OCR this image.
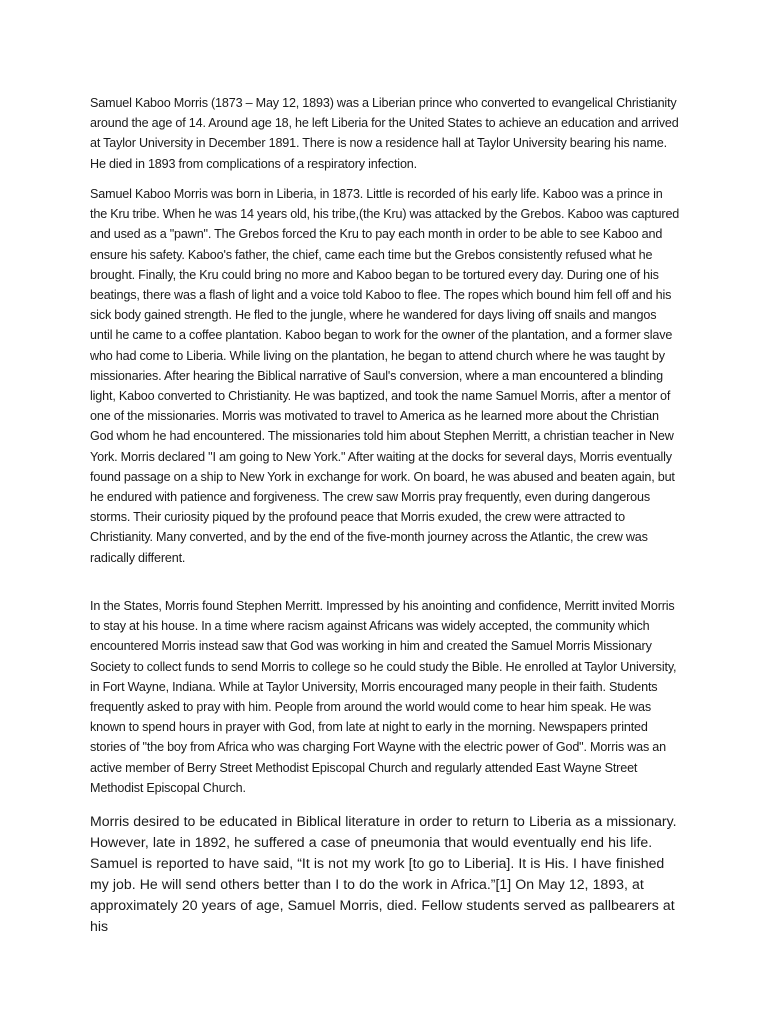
Samuel Kaboo Morris (1873 – May 12, 1893) was a Liberian prince who converted to evangelical Christianity around the age of 14. Around age 18, he left Liberia for the United States to achieve an education and arrived at Taylor University in December 1891. There is now a residence hall at Taylor University bearing his name. He died in 1893 from complications of a respiratory infection.

Samuel Kaboo Morris was born in Liberia, in 1873. Little is recorded of his early life. Kaboo was a prince in the Kru tribe. When he was 14 years old, his tribe,(the Kru) was attacked by the Grebos. Kaboo was captured and used as a "pawn". The Grebos forced the Kru to pay each month in order to be able to see Kaboo and ensure his safety. Kaboo's father, the chief, came each time but the Grebos consistently refused what he brought. Finally, the Kru could bring no more and Kaboo began to be tortured every day. During one of his beatings, there was a flash of light and a voice told Kaboo to flee. The ropes which bound him fell off and his sick body gained strength. He fled to the jungle, where he wandered for days living off snails and mangos until he came to a coffee plantation. Kaboo began to work for the owner of the plantation, and a former slave who had come to Liberia. While living on the plantation, he began to attend church where he was taught by missionaries. After hearing the Biblical narrative of Saul's conversion, where a man encountered a blinding light, Kaboo converted to Christianity. He was baptized, and took the name Samuel Morris, after a mentor of one of the missionaries. Morris was motivated to travel to America as he learned more about the Christian God whom he had encountered. The missionaries told him about Stephen Merritt, a christian teacher in New York. Morris declared "I am going to New York." After waiting at the docks for several days, Morris eventually found passage on a ship to New York in exchange for work. On board, he was abused and beaten again, but he endured with patience and forgiveness. The crew saw Morris pray frequently, even during dangerous storms. Their curiosity piqued by the profound peace that Morris exuded, the crew were attracted to Christianity. Many converted, and by the end of the five-month journey across the Atlantic, the crew was radically different.

In the States, Morris found Stephen Merritt. Impressed by his anointing and confidence, Merritt invited Morris to stay at his house. In a time where racism against Africans was widely accepted, the community which encountered Morris instead saw that God was working in him and created the Samuel Morris Missionary Society to collect funds to send Morris to college so he could study the Bible. He enrolled at Taylor University, in Fort Wayne, Indiana. While at Taylor University, Morris encouraged many people in their faith. Students frequently asked to pray with him. People from around the world would come to hear him speak. He was known to spend hours in prayer with God, from late at night to early in the morning. Newspapers printed stories of "the boy from Africa who was charging Fort Wayne with the electric power of God". Morris was an active member of Berry Street Methodist Episcopal Church and regularly attended East Wayne Street Methodist Episcopal Church.

Morris desired to be educated in Biblical literature in order to return to Liberia as a missionary. However, late in 1892, he suffered a case of pneumonia that would eventually end his life. Samuel is reported to have said, “It is not my work [to go to Liberia]. It is His. I have finished my job. He will send others better than I to do the work in Africa.”[1] On May 12, 1893, at approximately 20 years of age, Samuel Morris, died. Fellow students served as pallbearers at his
